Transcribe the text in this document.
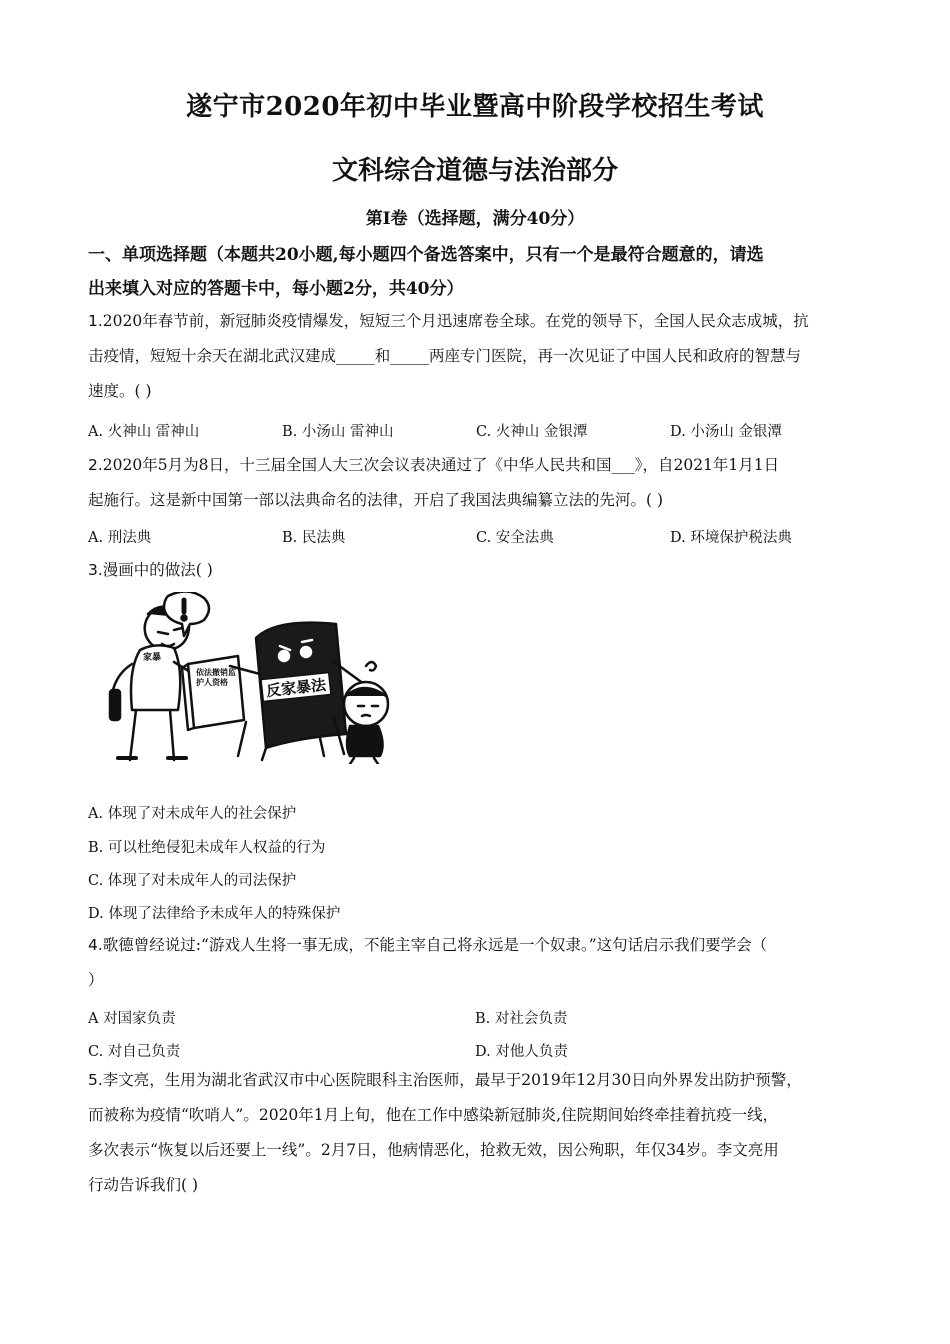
遂宁市2020年初中毕业暨高中阶段学校招生考试
文科综合道德与法治部分
第Ⅰ卷（选择题，满分40分）
一、单项选择题（本题共20小题,每小题四个备选答案中，只有一个是最符合题意的，请选
出来填入对应的答题卡中，每小题2分，共40分）
1.2020年春节前，新冠肺炎疫情爆发，短短三个月迅速席卷全球。在党的领导下，全国人民众志成城，抗
击疫情，短短十余天在湖北武汉建成_____和_____两座专门医院，再一次见证了中国人民和政府的智慧与
速度。( )
A. 火神山 雷神山	B. 小汤山 雷神山	C. 火神山 金银潭	D. 小汤山 金银潭
2.2020年5月为8日，十三届全国人大三次会议表决通过了《中华人民共和国___》，自2021年1月1日
起施行。这是新中国第一部以法典命名的法律，开启了我国法典编纂立法的先河。( )
A. 刑法典	B. 民法典	C. 安全法典	D. 环境保护税法典
3.漫画中的做法( )
家暴
依法撤销监护人资格	反家暴法
A. 体现了对未成年人的社会保护
B. 可以杜绝侵犯未成年人权益的行为
C. 体现了对未成年人的司法保护
D. 体现了法律给予未成年人的特殊保护
4.歌德曾经说过:“游戏人生将一事无成，不能主宰自己将永远是一个奴隶。”这句话启示我们要学会（
）
A 对国家负责	B. 对社会负责
C. 对自己负责	D. 对他人负责
5.李文亮，生用为湖北省武汉市中心医院眼科主治医师，最早于2019年12月30日向外界发出防护预警，
而被称为疫情“吹哨人”。2020年1月上旬，他在工作中感染新冠肺炎,住院期间始终牵挂着抗疫一线，
多次表示“恢复以后还要上一线”。2月7日，他病情恶化，抢救无效，因公殉职，年仅34岁。李文亮用
行动告诉我们( )
